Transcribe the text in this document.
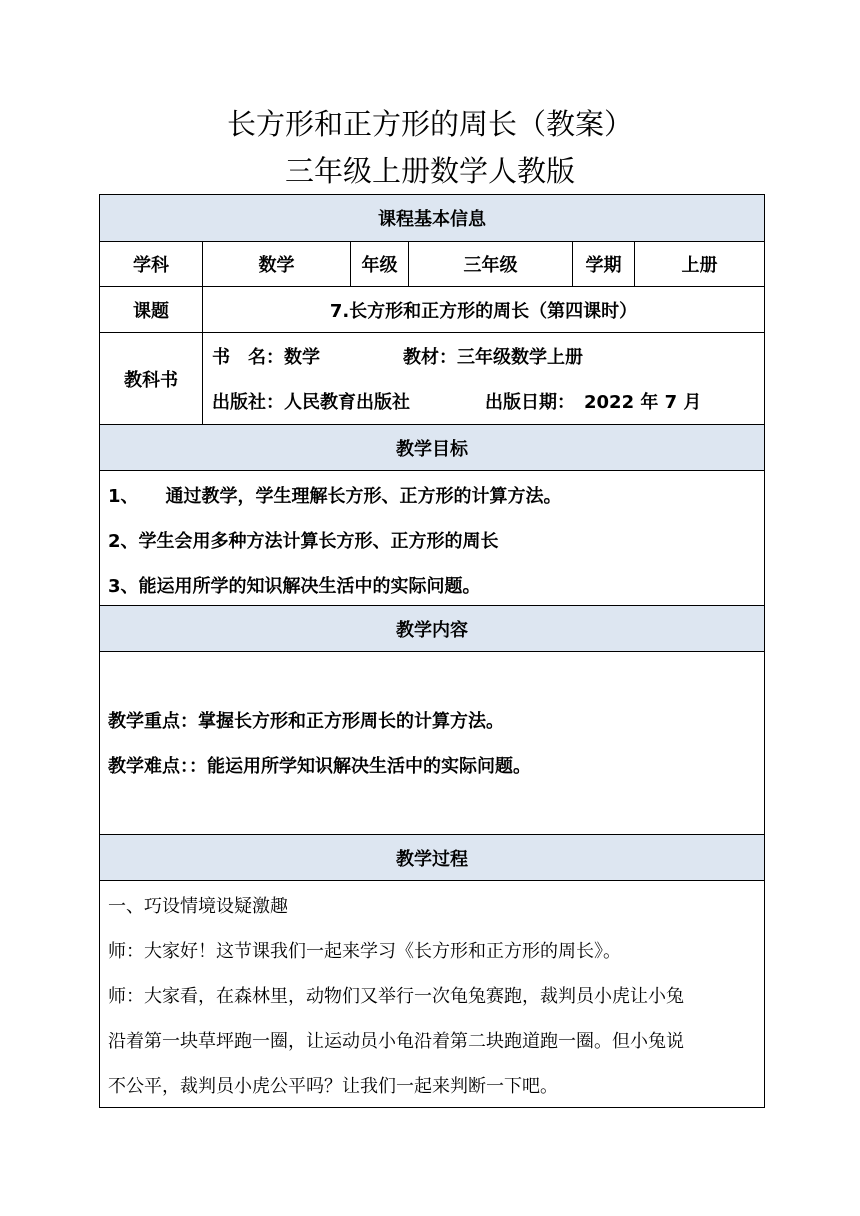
长方形和正方形的周长（教案）
三年级上册数学人教版
课程基本信息
学科	数学	年级	三年级	学期	上册
课题	7.长方形和正方形的周长（第四课时）
教科书
书　名：数学	教材：三年级数学上册
出版社：人民教育出版社	出版日期：　2022 年 7 月
教学目标
1、　　通过教学，学生理解长方形、正方形的计算方法。
2、学生会用多种方法计算长方形、正方形的周长
3、能运用所学的知识解决生活中的实际问题。
教学内容
教学重点：掌握长方形和正方形周长的计算方法。
教学难点：：能运用所学知识解决生活中的实际问题。
教学过程
一、巧设情境设疑激趣
师：大家好！这节课我们一起来学习《长方形和正方形的周长》。
师：大家看，在森林里，动物们又举行一次龟兔赛跑，裁判员小虎让小兔
沿着第一块草坪跑一圈，让运动员小龟沿着第二块跑道跑一圈。但小兔说
不公平，裁判员小虎公平吗？让我们一起来判断一下吧。
